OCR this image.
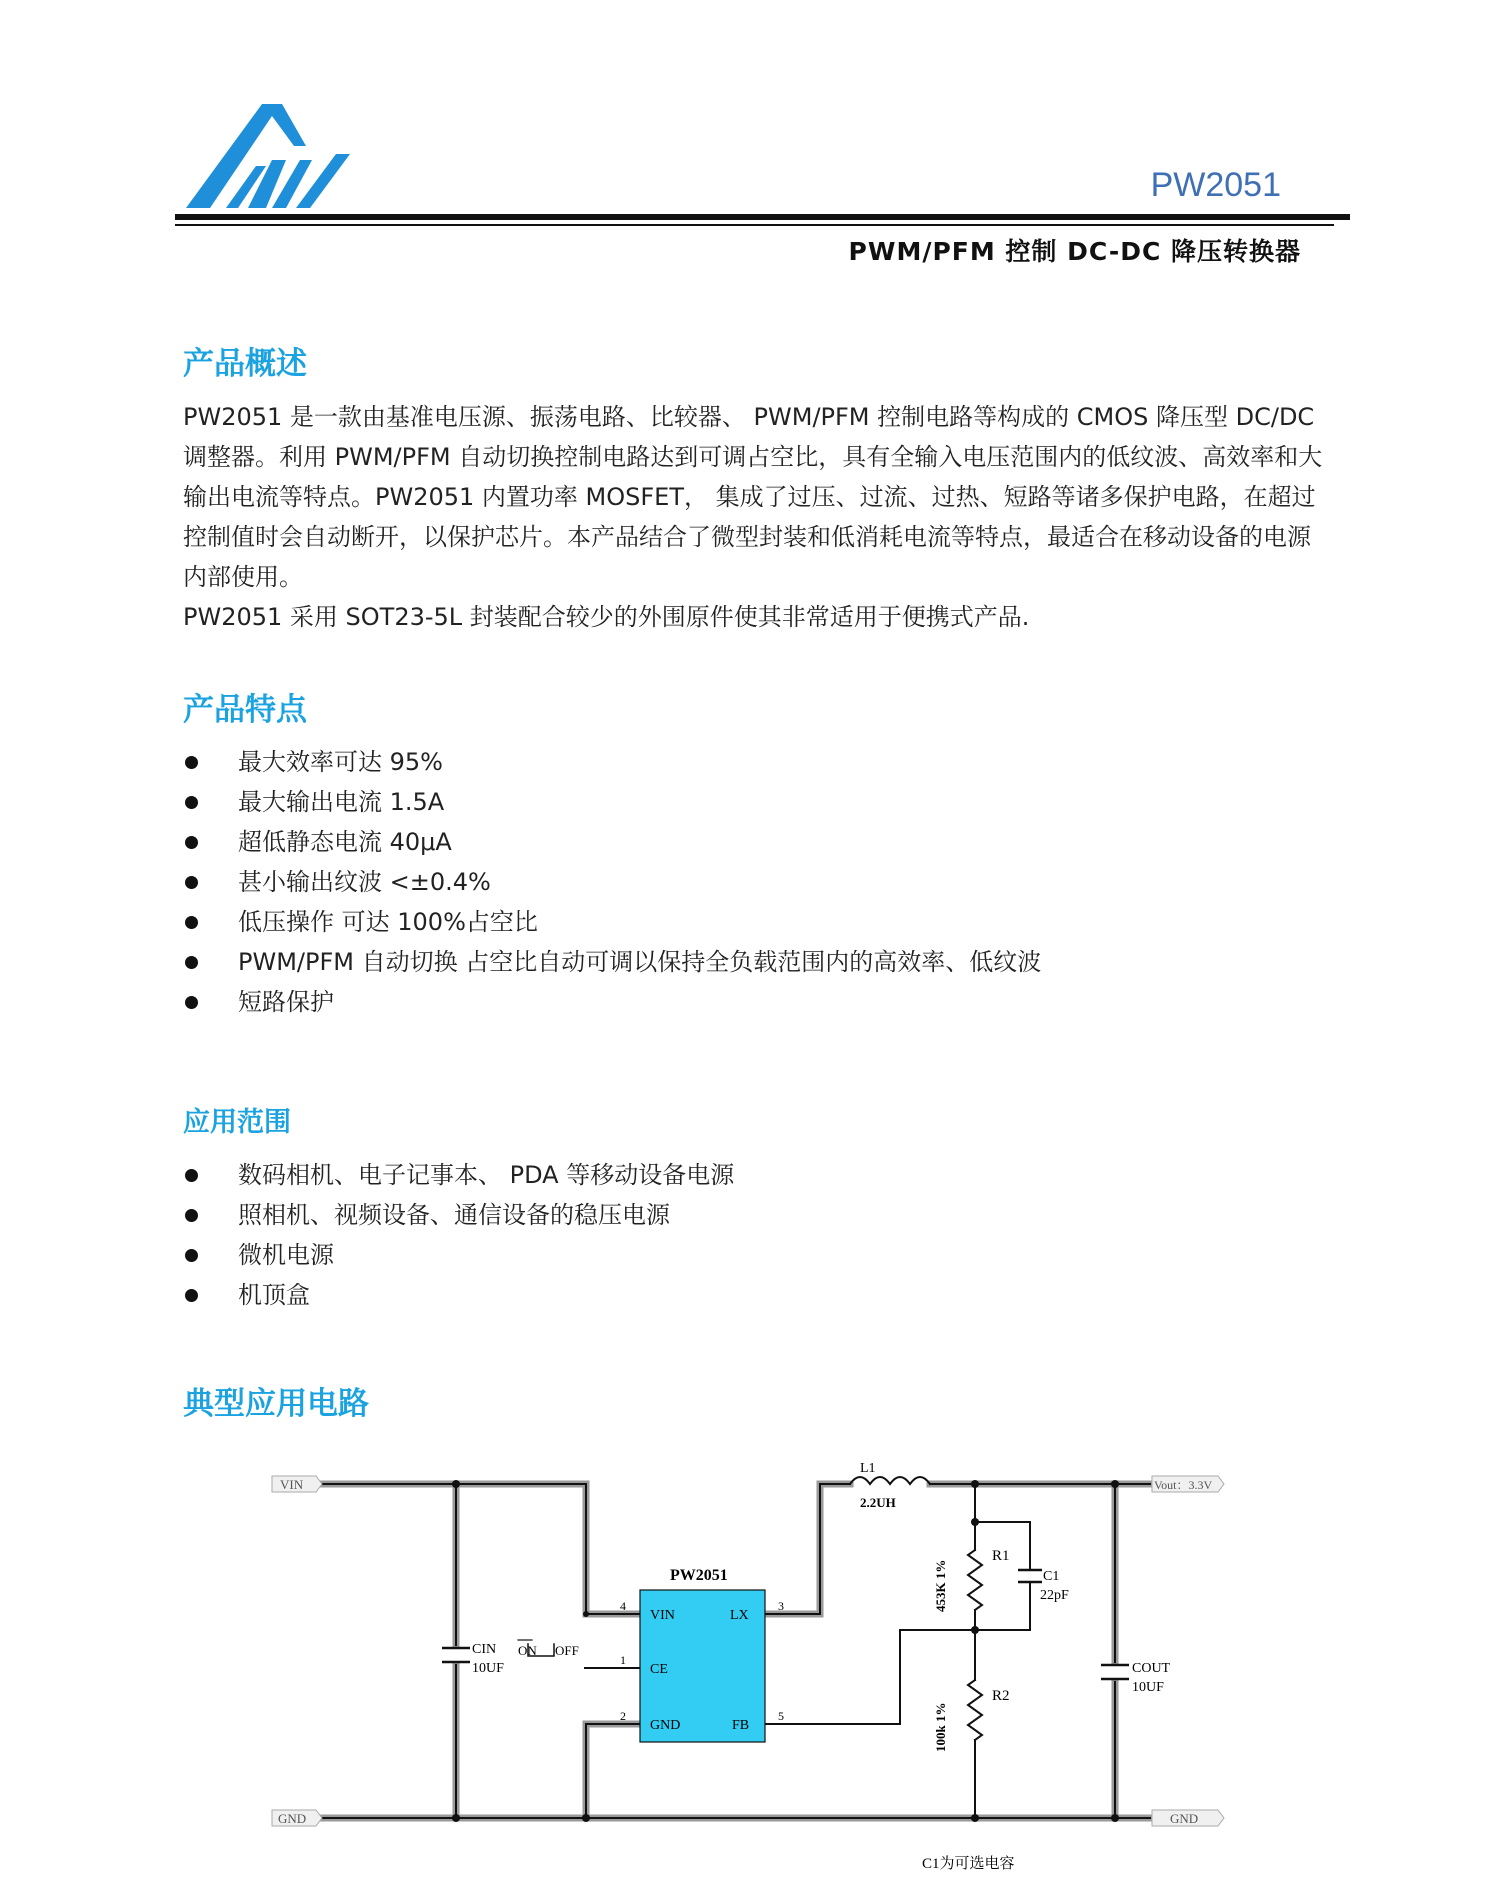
PW2051
PWM/PFM 控制 DC-DC 降压转换器
产品概述

PW2051 是一款由基准电压源、振荡电路、比较器、 PWM/PFM 控制电路等构成的 CMOS 降压型 DC/DC 调整器。利用 PWM/PFM 自动切换控制电路达到可调占空比，具有全输入电压范围内的低纹波、高效率和大输出电流等特点。PW2051 内置功率 MOSFET， 集成了过压、过流、过热、短路等诸多保护电路，在超过控制值时会自动断开，以保护芯片。本产品结合了微型封装和低消耗电流等特点，最适合在移动设备的电源内部使用。

PW2051 采用 SOT23-5L 封装配合较少的外围原件使其非常适用于便携式产品.

产品特点
最大效率可达 95%
最大输出电流 1.5A
超低静态电流 40μA
甚小输出纹波 <±0.4%
低压操作 可达 100%占空比
PWM/PFM 自动切换 占空比自动可调以保持全负载范围内的高效率、低纹波
短路保护
应用范围
数码相机、电子记事本、 PDA 等移动设备电源
照相机、视频设备、通信设备的稳压电源
微机电源
机顶盒
典型应用电路
VIN
GND
Vout：3.3V
GND
PW2051
VIN	LX
CE
GND	FB
4	3
1
2	5
ON OFF
CIN
10UF
L1
2.2UH
R1
453K 1%
R2
100k 1%
C1
22pF
COUT
10UF
C1为可选电容
